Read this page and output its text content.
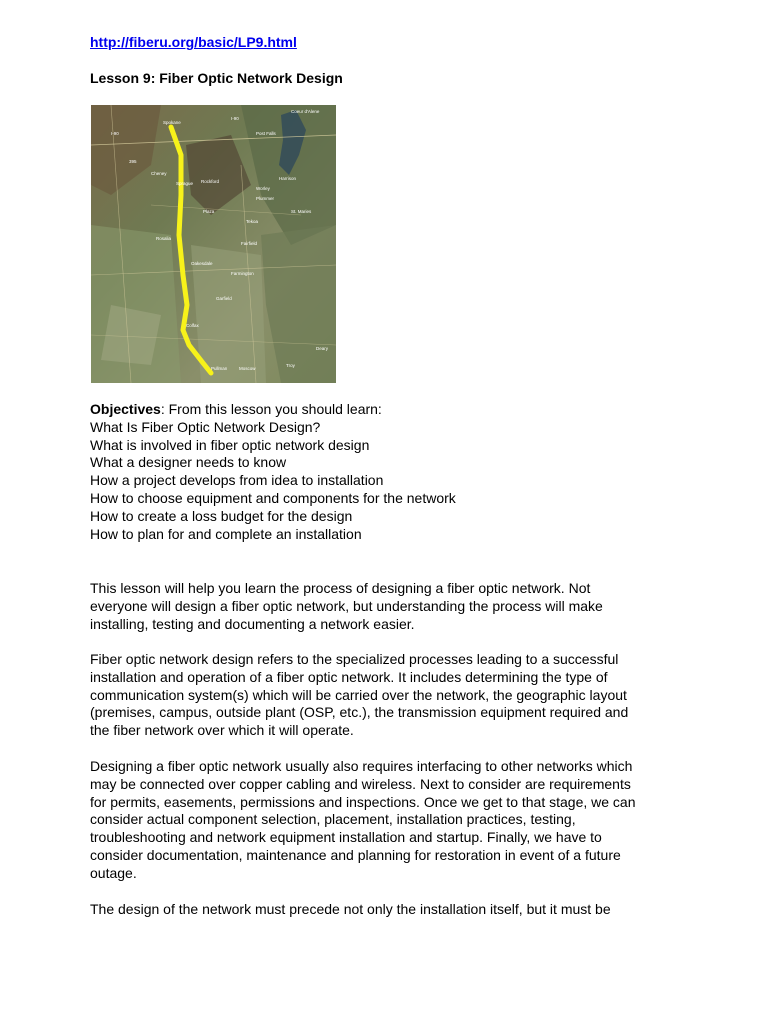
http://fiberu.org/basic/LP9.html
Lesson 9: Fiber Optic Network Design
Spokane
I-90
I-90
395
Cheney
Sprague Rockford
Plaza
Tekoa
Oakesdale
Garfield
Colfax
Pullman	Moscow
Coeur d'Alene
Post Falls
Harrison
St. Maries
Plummer
Worley
Rosalia
Farmington
Fairfield
Deary
Troy
Objectives: From this lesson you should learn:
What Is Fiber Optic Network Design?
What is involved in fiber optic network design
What a designer needs to know
How a project develops from idea to installation
How to choose equipment and components for the network
How to create a loss budget for the design
How to plan for and complete an installation
This lesson will help you learn the process of designing a fiber optic network. Not
everyone will design a fiber optic network, but understanding the process will make
installing, testing and documenting a network easier.
Fiber optic network design refers to the specialized processes leading to a successful
installation and operation of a fiber optic network. It includes determining the type of
communication system(s) which will be carried over the network, the geographic layout
(premises, campus, outside plant (OSP, etc.), the transmission equipment required and
the fiber network over which it will operate.
Designing a fiber optic network usually also requires interfacing to other networks which
may be connected over copper cabling and wireless. Next to consider are requirements
for permits, easements, permissions and inspections. Once we get to that stage, we can
consider actual component selection, placement, installation practices, testing,
troubleshooting and network equipment installation and startup. Finally, we have to
consider documentation, maintenance and planning for restoration in event of a future
outage.
The design of the network must precede not only the installation itself, but it must be
